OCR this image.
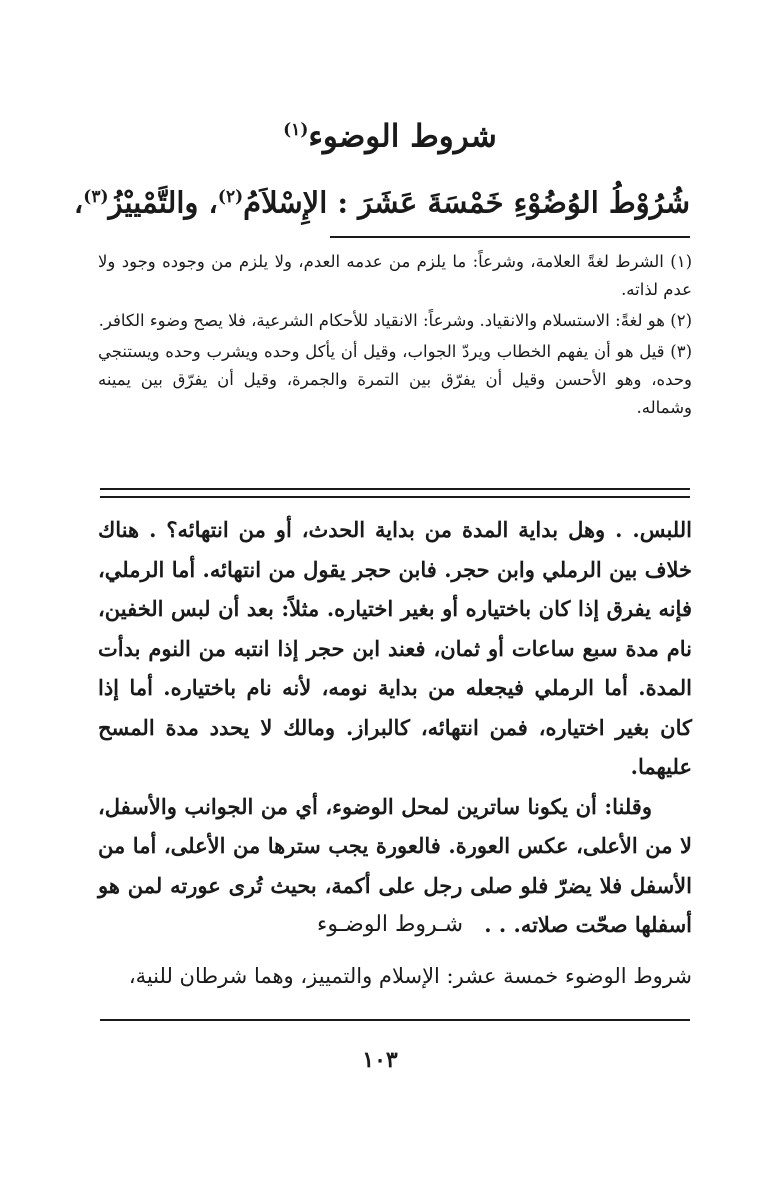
شروط الوضوء$^{(١)}$
شُرُوْطُ الوُضُوْءِ خَمْسَةَ عَشَرَ : الإِسْلاَمُ$^{(٢)}$، والتَّمْييْزُ$^{(٣)}$،

(١) الشرط لغةً العلامة، وشرعاً: ما يلزم من عدمه العدم، ولا يلزم من وجوده وجود ولا عدم لذاته.

(٢) هو لغةً: الاستسلام والانقياد. وشرعاً: الانقياد للأحكام الشرعية، فلا يصح وضوء الكافر.

(٣) قيل هو أن يفهم الخطاب ويردّ الجواب، وقيل أن يأكل وحده ويشرب وحده ويستنجي وحده، وهو الأحسن وقيل أن يفرّق بين التمرة والجمرة، وقيل أن يفرّق بين يمينه وشماله.

اللبس. . وهل بداية المدة من بداية الحدث، أو من انتهائه؟ . هناك خلاف بين الرملي وابن حجر. فابن حجر يقول من انتهائه. أما الرملي، فإنه يفرق إذا كان باختياره أو بغير اختياره. مثلاً: بعد أن لبس الخفين، نام مدة سبع ساعات أو ثمان، فعند ابن حجر إذا انتبه من النوم بدأت المدة. أما الرملي فيجعله من بداية نومه، لأنه نام باختياره. أما إذا كان بغير اختياره، فمن انتهائه، كالبراز. ومالك لا يحدد مدة المسح عليهما.

وقلنا: أن يكونا ساترين لمحل الوضوء، أي من الجوانب والأسفل، لا من الأعلى، عكس العورة. فالعورة يجب سترها من الأعلى، أما من الأسفل فلا يضرّ فلو صلى رجل على أكمة، بحيث تُرى عورته لمن هو أسفلها صحّت صلاته. . .

شـروط الوضـوء
شروط الوضوء خمسة عشر: الإسلام والتمييز، وهما شرطان للنية،
١٠٣
